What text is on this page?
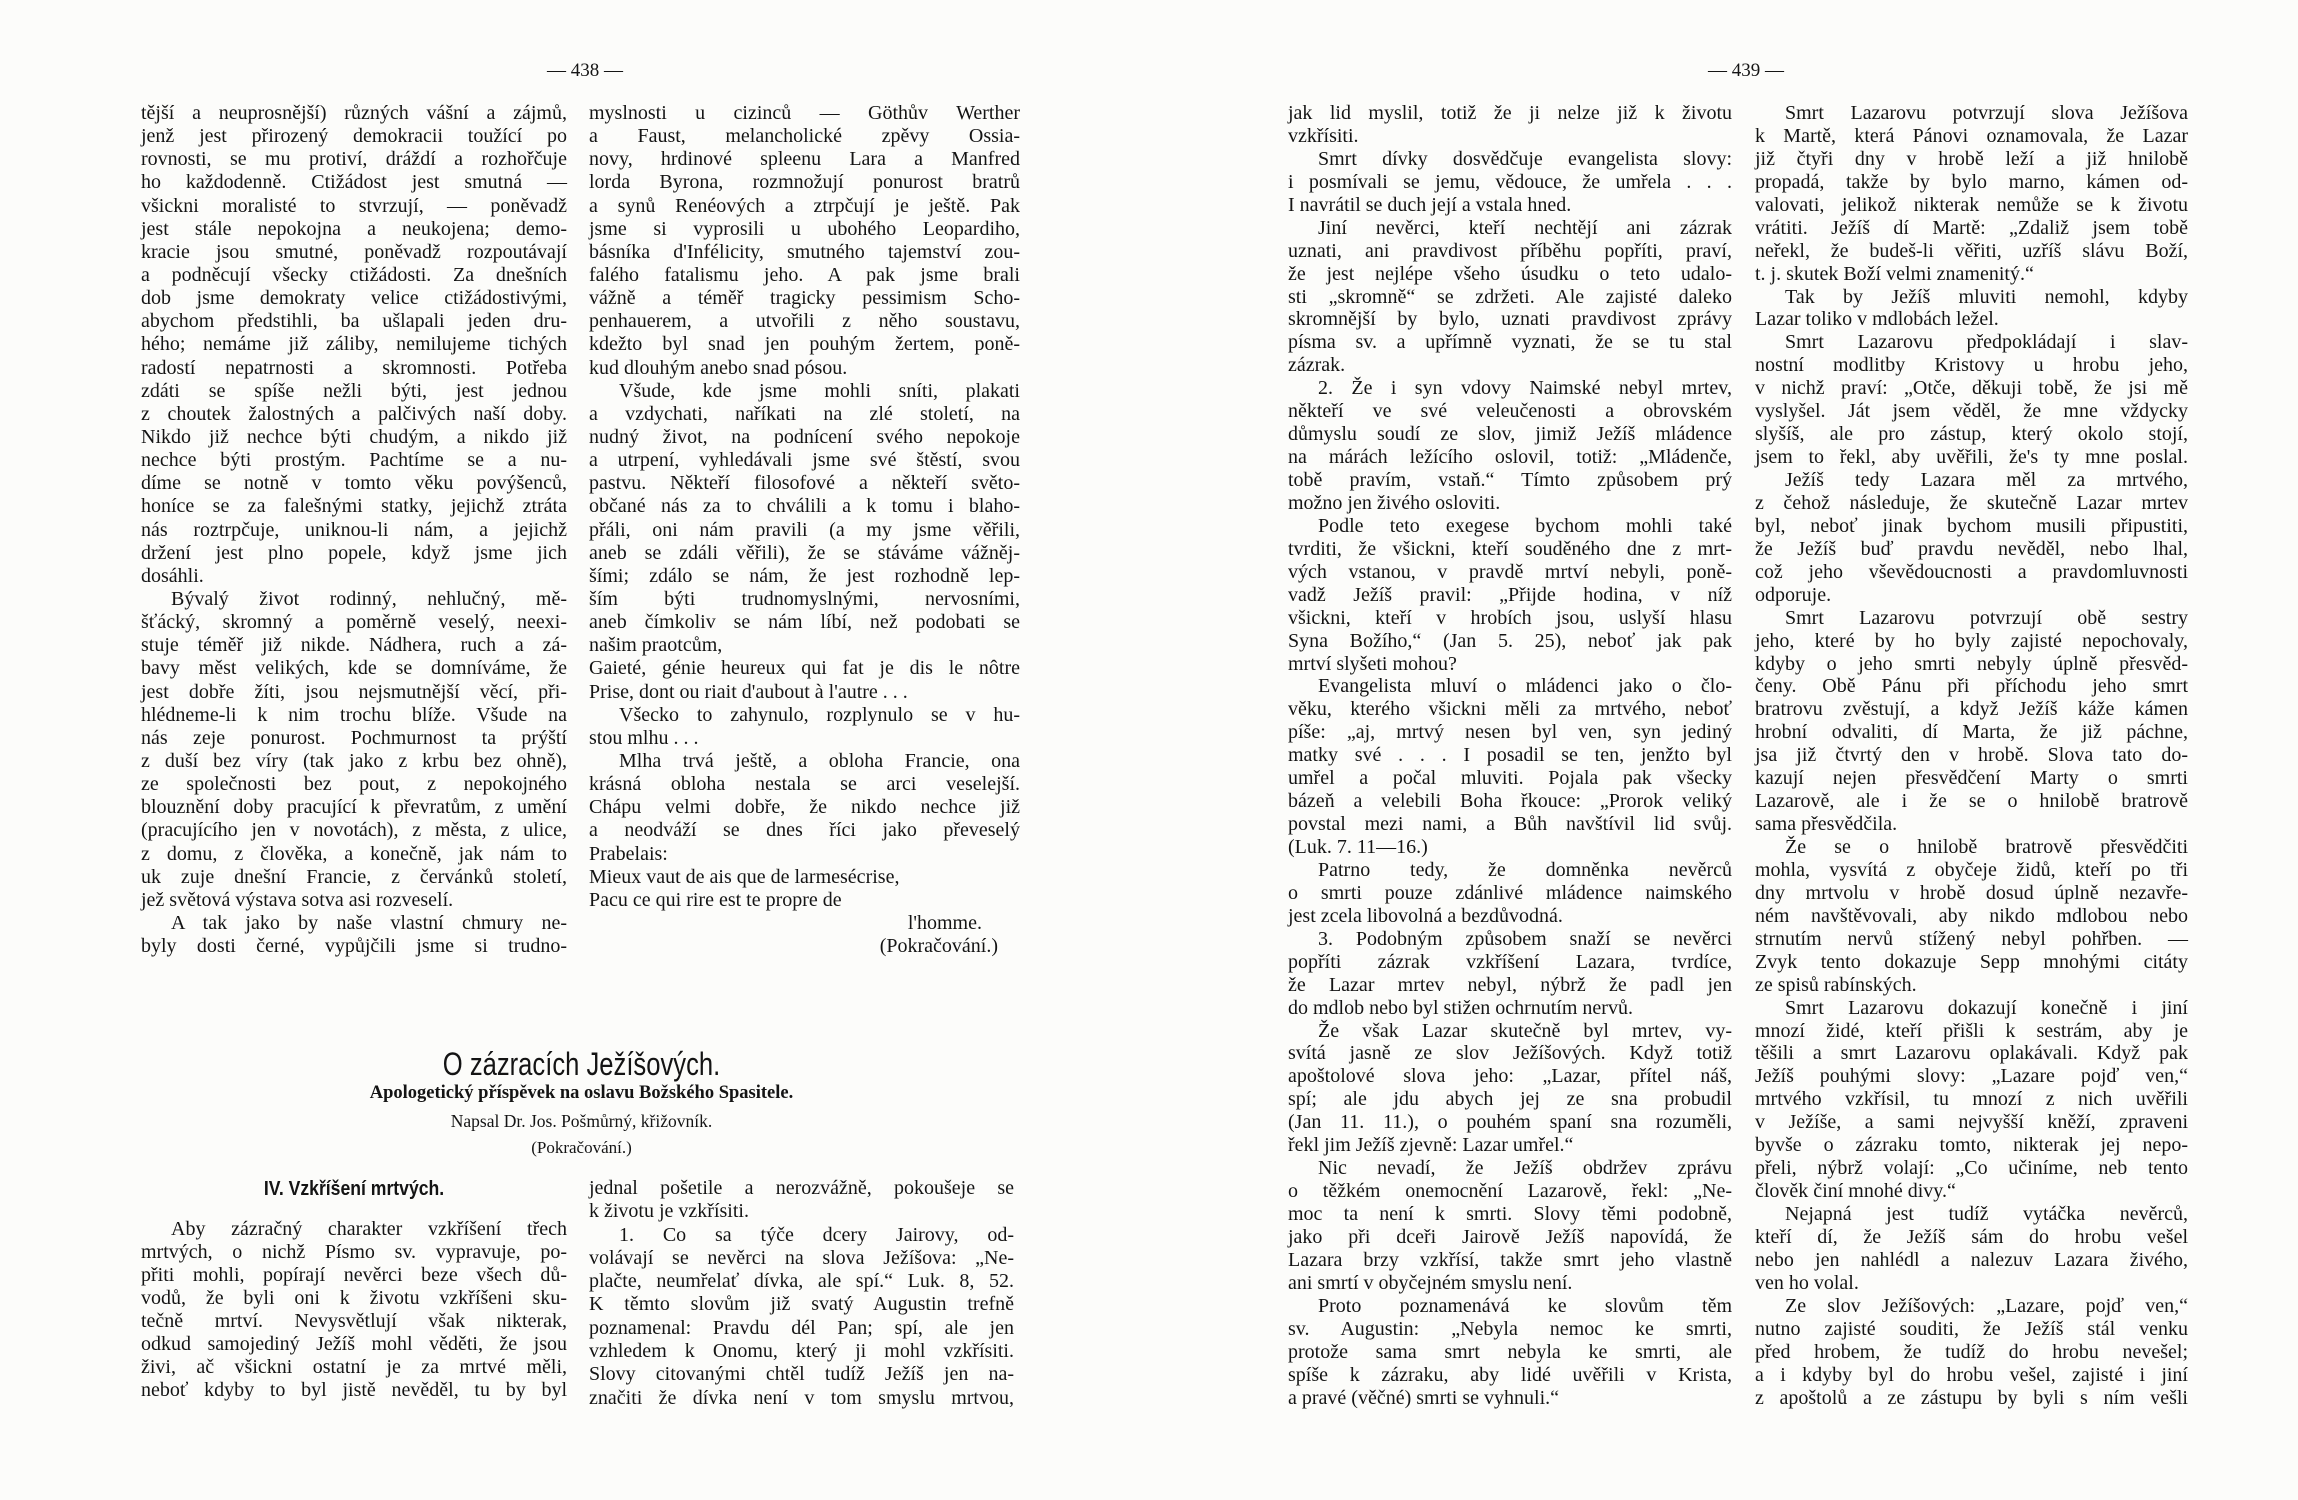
— 438 —
tější a neuprosnější) různých vášní a zájmů,
jenž jest přirozený demokracii toužící po
rovnosti, se mu protiví, dráždí a rozhořčuje
ho každodenně. Ctižádost jest smutná —
všickni moralisté to stvrzují, — poněvadž
jest stále nepokojna a neukojena; demo-
kracie jsou smutné, poněvadž rozpoutávají
a podněcují všecky ctižádosti. Za dnešních
dob jsme demokraty velice ctižádostivými,
abychom předstihli, ba ušlapali jeden dru-
hého; nemáme již záliby, nemilujeme tichých
radostí nepatrnosti a skromnosti. Potřeba
zdáti se spíše nežli býti, jest jednou
z choutek žalostných a palčivých naší doby.
Nikdo již nechce býti chudým, a nikdo již
nechce býti prostým. Pachtíme se a nu-
díme se notně v tomto věku povýšenců,
honíce se za falešnými statky, jejichž ztráta
nás roztrpčuje, uniknou-li nám, a jejichž
držení jest plno popele, když jsme jich
dosáhli.
Bývalý život rodinný, nehlučný, mě-
šťácký, skromný a poměrně veselý, neexi-
stuje téměř již nikde. Nádhera, ruch a zá-
bavy měst velikých, kde se domníváme, že
jest dobře žíti, jsou nejsmutnější věcí, při-
hlédneme-li k nim trochu blíže. Všude na
nás zeje ponurost. Pochmurnost ta prýští
z duší bez víry (tak jako z krbu bez ohně),
ze společnosti bez pout, z nepokojného
blouznění doby pracující k převratům, z umění
(pracujícího jen v novotách), z města, z ulice,
z domu, z člověka, a konečně, jak nám to
uk zuje dnešní Francie, z červánků století,
jež světová výstava sotva asi rozveselí.
A tak jako by naše vlastní chmury ne-
byly dosti černé, vypůjčili jsme si trudno-
myslnosti u cizinců — Göthův Werther
a Faust, melancholické zpěvy Ossia-
novy, hrdinové spleenu Lara a Manfred
lorda Byrona, rozmnožují ponurost bratrů
a synů Renéových a ztrpčují je ještě. Pak
jsme si vyprosili u ubohého Leopardiho,
básníka d'Infélicity, smutného tajemství zou-
falého fatalismu jeho. A pak jsme brali
vážně a téměř tragicky pessimism Scho-
penhauerem, a utvořili z něho soustavu,
kdežto byl snad jen pouhým žertem, poně-
kud dlouhým anebo snad pósou.
Všude, kde jsme mohli sníti, plakati
a vzdychati, naříkati na zlé století, na
nudný život, na podnícení svého nepokoje
a utrpení, vyhledávali jsme své štěstí, svou
pastvu. Někteří filosofové a někteří světo-
občané nás za to chválili a k tomu i blaho-
přáli, oni nám pravili (a my jsme věřili,
aneb se zdáli věřili), že se stáváme vážněj-
šími; zdálo se nám, že jest rozhodně lep-
ším býti trudnomyslnými, nervosními,
aneb čímkoliv se nám líbí, než podobati se
našim praotcům,
Gaieté, génie heureux qui fat je dis le nôtre
Prise, dont ou riait d'aubout à l'autre . . .
Všecko to zahynulo, rozplynulo se v hu-
stou mlhu . . .
Mlha trvá ještě, a obloha Francie, ona
krásná obloha nestala se arci veselejší.
Chápu velmi dobře, že nikdo nechce již
a neodváží se dnes říci jako převeselý
Prabelais:
Mieux vaut de ais que de larmesécrise,
Pacu ce qui rire est te propre de
l'homme.
(Pokračování.)
O zázracích Ježíšových.
Apologetický příspěvek na oslavu Božského Spasitele.
Napsal Dr. Jos. Pošmůrný, křižovník.
(Pokračování.)
IV. Vzkříšení mrtvých.
Aby zázračný charakter vzkříšení třech
mrtvých, o nichž Písmo sv. vypravuje, po-
přiti mohli, popírají nevěrci beze všech dů-
vodů, že byli oni k životu vzkříšeni sku-
tečně mrtví. Nevysvětlují však nikterak,
odkud samojediný Ježíš mohl věděti, že jsou
živi, ač všickni ostatní je za mrtvé měli,
neboť kdyby to byl jistě nevěděl, tu by byl
jednal pošetile a nerozvážně, pokoušeje se
k životu je vzkřísiti.
1. Co sa týče dcery Jairovy, od-
volávají se nevěrci na slova Ježíšova: „Ne-
plačte, neumřelať dívka, ale spí.“ Luk. 8, 52.
K těmto slovům již svatý Augustin trefně
poznamenal: Pravdu dél Pan; spí, ale jen
vzhledem k Onomu, který ji mohl vzkřísiti.
Slovy citovanými chtěl tudíž Ježíš jen na-
značiti že dívka není v tom smyslu mrtvou,
— 439 —
jak lid myslil, totiž že ji nelze již k životu
vzkřísiti.
Smrt dívky dosvědčuje evangelista slovy:
i posmívali se jemu, vědouce, že umřela . . .
I navrátil se duch její a vstala hned.
Jiní nevěrci, kteří nechtějí ani zázrak
uznati, ani pravdivost příběhu popříti, praví,
že jest nejlépe všeho úsudku o teto udalo-
sti „skromně“ se zdržeti. Ale zajisté daleko
skromnější by bylo, uznati pravdivost zprávy
písma sv. a upřímně vyznati, že se tu stal
zázrak.
2. Že i syn vdovy Naimské nebyl mrtev,
někteří ve své veleučenosti a obrovském
důmyslu soudí ze slov, jimiž Ježíš mládence
na márách ležícího oslovil, totiž: „Mládenče,
tobě pravím, vstaň.“ Tímto způsobem prý
možno jen živého osloviti.
Podle teto exegese bychom mohli také
tvrditi, že všickni, kteří souděného dne z mrt-
vých vstanou, v pravdě mrtví nebyli, poně-
vadž Ježíš pravil: „Přijde hodina, v níž
všickni, kteří v hrobích jsou, uslyší hlasu
Syna Božího,“ (Jan 5. 25), neboť jak pak
mrtví slyšeti mohou?
Evangelista mluví o mládenci jako o člo-
věku, kterého všickni měli za mrtvého, neboť
píše: „aj, mrtvý nesen byl ven, syn jediný
matky své . . . I posadil se ten, jenžto byl
umřel a počal mluviti. Pojala pak všecky
bázeň a velebili Boha řkouce: „Prorok veliký
povstal mezi nami, a Bůh navštívil lid svůj.
(Luk. 7. 11—16.)
Patrno tedy, že domněnka nevěrců
o smrti pouze zdánlivé mládence naimského
jest zcela libovolná a bezdůvodná.
3. Podobným způsobem snaží se nevěrci
popříti zázrak vzkříšení Lazara, tvrdíce,
že Lazar mrtev nebyl, nýbrž že padl jen
do mdlob nebo byl stižen ochrnutím nervů.
Že však Lazar skutečně byl mrtev, vy-
svítá jasně ze slov Ježíšových. Když totiž
apoštolové slova jeho: „Lazar, přítel náš,
spí; ale jdu abych jej ze sna probudil
(Jan 11. 11.), o pouhém spaní sna rozuměli,
řekl jim Ježíš zjevně: Lazar umřel.“
Nic nevadí, že Ježíš obdržev zprávu
o těžkém onemocnění Lazarově, řekl: „Ne-
moc ta není k smrti. Slovy těmi podobně,
jako při dceři Jairově Ježíš napovídá, že
Lazara brzy vzkřísí, takže smrt jeho vlastně
ani smrtí v obyčejném smyslu není.
Proto poznamenává ke slovům těm
sv. Augustin: „Nebyla nemoc ke smrti,
protože sama smrt nebyla ke smrti, ale
spíše k zázraku, aby lidé uvěřili v Krista,
a pravé (věčné) smrti se vyhnuli.“
Smrt Lazarovu potvrzují slova Ježíšova
k Martě, která Pánovi oznamovala, že Lazar
již čtyři dny v hrobě leží a již hnilobě
propadá, takže by bylo marno, kámen od-
valovati, jelikož nikterak nemůže se k životu
vrátiti. Ježíš dí Martě: „Zdaliž jsem tobě
neřekl, že budeš-li věřiti, uzříš slávu Boží,
t. j. skutek Boží velmi znamenitý.“
Tak by Ježíš mluviti nemohl, kdyby
Lazar toliko v mdlobách ležel.
Smrt Lazarovu předpokládají i slav-
nostní modlitby Kristovy u hrobu jeho,
v nichž praví: „Otče, děkuji tobě, že jsi mě
vyslyšel. Ját jsem věděl, že mne vždycky
slyšíš, ale pro zástup, který okolo stojí,
jsem to řekl, aby uvěřili, že's ty mne poslal.
Ježíš tedy Lazara měl za mrtvého,
z čehož následuje, že skutečně Lazar mrtev
byl, neboť jinak bychom musili připustiti,
že Ježíš buď pravdu nevěděl, nebo lhal,
což jeho vševědoucnosti a pravdomluvnosti
odporuje.
Smrt Lazarovu potvrzují obě sestry
jeho, které by ho byly zajisté nepochovaly,
kdyby o jeho smrti nebyly úplně přesvěd-
čeny. Obě Pánu při příchodu jeho smrt
bratrovu zvěstují, a když Ježíš káže kámen
hrobní odvaliti, dí Marta, že již páchne,
jsa již čtvrtý den v hrobě. Slova tato do-
kazují nejen přesvědčení Marty o smrti
Lazarově, ale i že se o hnilobě bratrově
sama přesvědčila.
Že se o hnilobě bratrově přesvědčiti
mohla, vysvítá z obyčeje židů, kteří po tři
dny mrtvolu v hrobě dosud úplně nezavře-
ném navštěvovali, aby nikdo mdlobou nebo
strnutím nervů stížený nebyl pohřben. —
Zvyk tento dokazuje Sepp mnohými citáty
ze spisů rabínských.
Smrt Lazarovu dokazují konečně i jiní
mnozí židé, kteří přišli k sestrám, aby je
těšili a smrt Lazarovu oplakávali. Když pak
Ježíš pouhými slovy: „Lazare pojď ven,“
mrtvého vzkřísil, tu mnozí z nich uvěřili
v Ježíše, a sami nejvyšší kněží, zpraveni
byvše o zázraku tomto, nikterak jej nepo-
přeli, nýbrž volají: „Co učiníme, neb tento
člověk činí mnohé divy.“
Nejapná jest tudíž vytáčka nevěrců,
kteří dí, že Ježíš sám do hrobu vešel
nebo jen nahlédl a nalezuv Lazara živého,
ven ho volal.
Ze slov Ježíšových: „Lazare, pojď ven,“
nutno zajisté souditi, že Ježíš stál venku
před hrobem, že tudíž do hrobu nevešel;
a i kdyby byl do hrobu vešel, zajisté i jiní
z apoštolů a ze zástupu by byli s ním vešli
